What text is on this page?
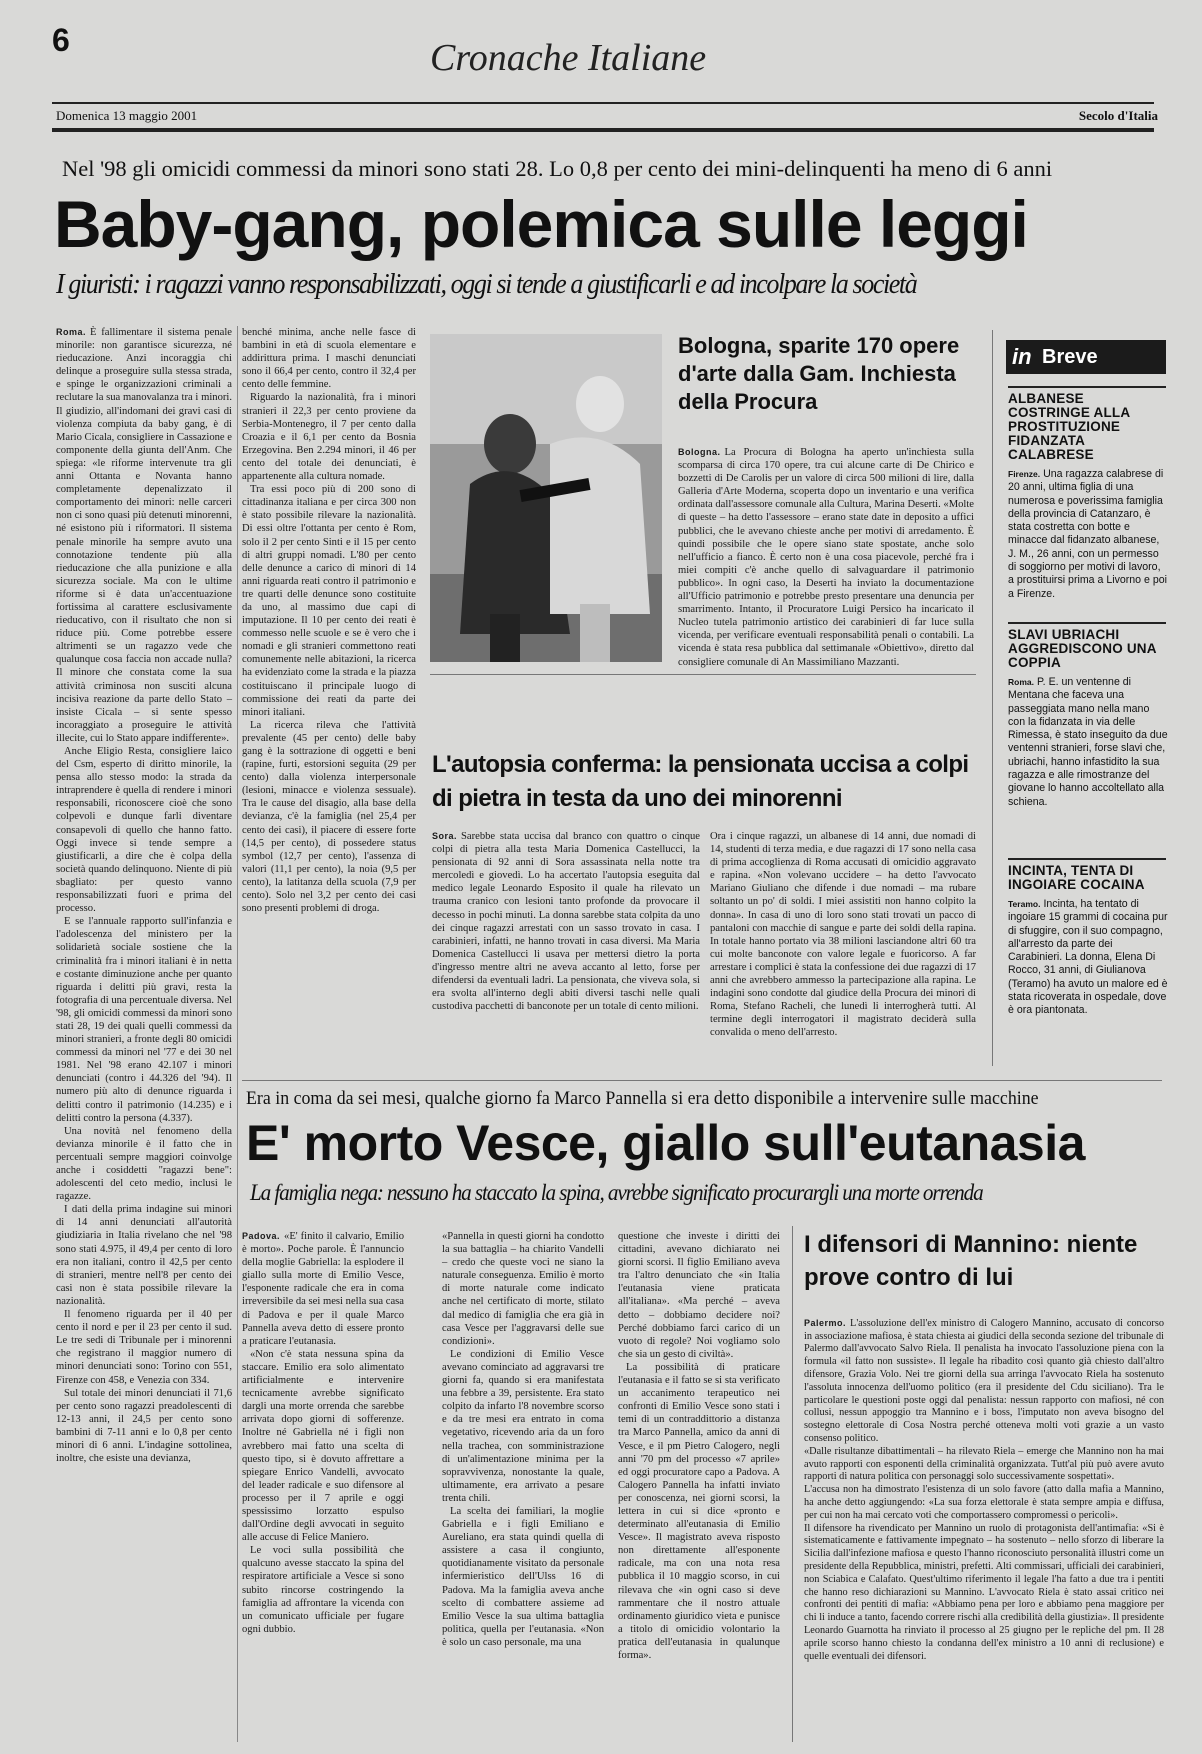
6	Cronache Italiane
Domenica 13 maggio 2001	Secolo d'Italia
Nel '98 gli omicidi commessi da minori sono stati 28. Lo 0,8 per cento dei mini-delinquenti ha meno di 6 anni
Baby-gang, polemica sulle leggi
I giuristi: i ragazzi vanno responsabilizzati, oggi si tende a giustificarli e ad incolpare la società

Roma. È fallimentare il sistema penale minorile: non garantisce sicurezza, né rieducazione. Anzi incoraggia chi delinque a proseguire sulla stessa strada, e spinge le organizzazioni criminali a reclutare la sua manovalanza tra i minori. Il giudizio, all'indomani dei gravi casi di violenza compiuta da baby gang, è di Mario Cicala, consigliere in Cassazione e componente della giunta dell'Anm. Che spiega: «le riforme intervenute tra gli anni Ottanta e Novanta hanno completamente depenalizzato il comportamento dei minori: nelle carceri non ci sono quasi più detenuti minorenni, né esistono più i riformatori. Il sistema penale minorile ha sempre avuto una connotazione tendente più alla rieducazione che alla punizione e alla sicurezza sociale. Ma con le ultime riforme si è data un'accentuazione fortissima al carattere esclusivamente rieducativo, con il risultato che non si riduce più. Come potrebbe essere altrimenti se un ragazzo vede che qualunque cosa faccia non accade nulla? Il minore che constata come la sua attività criminosa non susciti alcuna incisiva reazione da parte dello Stato – insiste Cicala – si sente spesso incoraggiato a proseguire le attività illecite, cui lo Stato appare indifferente».

Anche Eligio Resta, consigliere laico del Csm, esperto di diritto minorile, la pensa allo stesso modo: la strada da intraprendere è quella di rendere i minori responsabili, riconoscere cioè che sono colpevoli e dunque farli diventare consapevoli di quello che hanno fatto. Oggi invece si tende sempre a giustificarli, a dire che è colpa della società quando delinquono. Niente di più sbagliato: per questo vanno responsabilizzati fuori e prima del processo.

E se l'annuale rapporto sull'infanzia e l'adolescenza del ministero per la solidarietà sociale sostiene che la criminalità fra i minori italiani è in netta e costante diminuzione anche per quanto riguarda i delitti più gravi, resta la fotografia di una percentuale diversa. Nel '98, gli omicidi commessi da minori sono stati 28, 19 dei quali quelli commessi da minori stranieri, a fronte degli 80 omicidi commessi da minori nel '77 e dei 30 nel 1981. Nel '98 erano 42.107 i minori denunciati (contro i 44.326 del '94). Il numero più alto di denunce riguarda i delitti contro il patrimonio (14.235) e i delitti contro la persona (4.337).

Una novità nel fenomeno della devianza minorile è il fatto che in percentuali sempre maggiori coinvolge anche i cosiddetti "ragazzi bene": adolescenti del ceto medio, inclusi le ragazze.

I dati della prima indagine sui minori di 14 anni denunciati all'autorità giudiziaria in Italia rivelano che nel '98 sono stati 4.975, il 49,4 per cento di loro era non italiani, contro il 42,5 per cento di stranieri, mentre nell'8 per cento dei casi non è stata possibile rilevare la nazionalità.

Il fenomeno riguarda per il 40 per cento il nord e per il 23 per cento il sud. Le tre sedi di Tribunale per i minorenni che registrano il maggior numero di minori denunciati sono: Torino con 551, Firenze con 458, e Venezia con 334.

Sul totale dei minori denunciati il 71,6 per cento sono ragazzi preadolescenti di 12-13 anni, il 24,5 per cento sono bambini di 7-11 anni e lo 0,8 per cento minori di 6 anni. L'indagine sottolinea, inoltre, che esiste una devianza,

benché minima, anche nelle fasce di bambini in età di scuola elementare e addirittura prima. I maschi denunciati sono il 66,4 per cento, contro il 32,4 per cento delle femmine.

Riguardo la nazionalità, fra i minori stranieri il 22,3 per cento proviene da Serbia-Montenegro, il 7 per cento dalla Croazia e il 6,1 per cento da Bosnia Erzegovina. Ben 2.294 minori, il 46 per cento del totale dei denunciati, è appartenente alla cultura nomade.

Tra essi poco più di 200 sono di cittadinanza italiana e per circa 300 non è stato possibile rilevare la nazionalità. Di essi oltre l'ottanta per cento è Rom, solo il 2 per cento Sinti e il 15 per cento di altri gruppi nomadi. L'80 per cento delle denunce a carico di minori di 14 anni riguarda reati contro il patrimonio e tre quarti delle denunce sono costituite da uno, al massimo due capi di imputazione. Il 10 per cento dei reati è commesso nelle scuole e se è vero che i nomadi e gli stranieri commettono reati comunemente nelle abitazioni, la ricerca ha evidenziato come la strada e la piazza costituiscano il principale luogo di commissione dei reati da parte dei minori italiani.

La ricerca rileva che l'attività prevalente (45 per cento) delle baby gang è la sottrazione di oggetti e beni (rapine, furti, estorsioni seguita (29 per cento) dalla violenza interpersonale (lesioni, minacce e violenza sessuale). Tra le cause del disagio, alla base della devianza, c'è la famiglia (nel 25,4 per cento dei casi), il piacere di essere forte (14,5 per cento), di possedere status symbol (12,7 per cento), l'assenza di valori (11,1 per cento), la noia (9,5 per cento), la latitanza della scuola (7,9 per cento). Solo nel 3,2 per cento dei casi sono presenti problemi di droga.

Bologna, sparite 170 opere d'arte dalla Gam. Inchiesta della Procura

Bologna. La Procura di Bologna ha aperto un'inchiesta sulla scomparsa di circa 170 opere, tra cui alcune carte di De Chirico e bozzetti di De Carolis per un valore di circa 500 milioni di lire, dalla Galleria d'Arte Moderna, scoperta dopo un inventario e una verifica ordinata dall'assessore comunale alla Cultura, Marina Deserti. «Molte di queste – ha detto l'assessore – erano state date in deposito a uffici pubblici, che le avevano chieste anche per motivi di arredamento. È quindi possibile che le opere siano state spostate, anche solo nell'ufficio a fianco. È certo non è una cosa piacevole, perché fra i miei compiti c'è anche quello di salvaguardare il patrimonio pubblico». In ogni caso, la Deserti ha inviato la documentazione all'Ufficio patrimonio e potrebbe presto presentare una denuncia per smarrimento. Intanto, il Procuratore Luigi Persico ha incaricato il Nucleo tutela patrimonio artistico dei carabinieri di far luce sulla vicenda, per verificare eventuali responsabilità penali o contabili. La vicenda è stata resa pubblica dal settimanale «Obiettivo», diretto dal consigliere comunale di An Massimiliano Mazzanti.

L'autopsia conferma: la pensionata uccisa a colpi di pietra in testa da uno dei minorenni

Sora. Sarebbe stata uccisa dal branco con quattro o cinque colpi di pietra alla testa Maria Domenica Castellucci, la pensionata di 92 anni di Sora assassinata nella notte tra mercoledì e giovedì. Lo ha accertato l'autopsia eseguita dal medico legale Leonardo Esposito il quale ha rilevato un trauma cranico con lesioni tanto profonde da provocare il decesso in pochi minuti. La donna sarebbe stata colpita da uno dei cinque ragazzi arrestati con un sasso trovato in casa. I carabinieri, infatti, ne hanno trovati in casa diversi. Ma Maria Domenica Castellucci li usava per mettersi dietro la porta d'ingresso mentre altri ne aveva accanto al letto, forse per difendersi da eventuali ladri. La pensionata, che viveva sola, si era svolta all'interno degli abiti diversi taschi nelle quali custodiva pacchetti di banconote per un totale di cento milioni.

Ora i cinque ragazzi, un albanese di 14 anni, due nomadi di 14, studenti di terza media, e due ragazzi di 17 sono nella casa di prima accoglienza di Roma accusati di omicidio aggravato e rapina. «Non volevano uccidere – ha detto l'avvocato Mariano Giuliano che difende i due nomadi – ma rubare soltanto un po' di soldi. I miei assistiti non hanno colpito la donna». In casa di uno di loro sono stati trovati un pacco di pantaloni con macchie di sangue e parte dei soldi della rapina. In totale hanno portato via 38 milioni lasciandone altri 60 tra cui molte banconote con valore legale e fuoricorso. A far arrestare i complici è stata la confessione dei due ragazzi di 17 anni che avrebbero ammesso la partecipazione alla rapina. Le indagini sono condotte dal giudice della Procura dei minori di Roma, Stefano Racheli, che lunedì li interrogherà tutti. Al termine degli interrogatori il magistrato deciderà sulla convalida o meno dell'arresto.

in Breve
ALBANESE COSTRINGE ALLA PROSTITUZIONE FIDANZATA CALABRESE
Firenze. Una ragazza calabrese di 20 anni, ultima figlia di una numerosa e poverissima famiglia della provincia di Catanzaro, è stata costretta con botte e minacce dal fidanzato albanese, J. M., 26 anni, con un permesso di soggiorno per motivi di lavoro, a prostituirsi prima a Livorno e poi a Firenze.
SLAVI UBRIACHI AGGREDISCONO UNA COPPIA
Roma. P. E. un ventenne di Mentana che faceva una passeggiata mano nella mano con la fidanzata in via delle Rimessa, è stato inseguito da due ventenni stranieri, forse slavi che, ubriachi, hanno infastidito la sua ragazza e alle rimostranze del giovane lo hanno accoltellato alla schiena.
INCINTA, TENTA DI INGOIARE COCAINA
Teramo. Incinta, ha tentato di ingoiare 15 grammi di cocaina pur di sfuggire, con il suo compagno, all'arresto da parte dei Carabinieri. La donna, Elena Di Rocco, 31 anni, di Giulianova (Teramo) ha avuto un malore ed è stata ricoverata in ospedale, dove è ora piantonata.
Era in coma da sei mesi, qualche giorno fa Marco Pannella si era detto disponibile a intervenire sulle macchine
E' morto Vesce, giallo sull'eutanasia
La famiglia nega: nessuno ha staccato la spina, avrebbe significato procurargli una morte orrenda

Padova. «E' finito il calvario, Emilio è morto». Poche parole. È l'annuncio della moglie Gabriella: la esplodere il giallo sulla morte di Emilio Vesce, l'esponente radicale che era in coma irreversibile da sei mesi nella sua casa di Padova e per il quale Marco Pannella aveva detto di essere pronto a praticare l'eutanasia.

«Non c'è stata nessuna spina da staccare. Emilio era solo alimentato artificialmente e intervenire tecnicamente avrebbe significato dargli una morte orrenda che sarebbe arrivata dopo giorni di sofferenze. Inoltre né Gabriella né i figli non avrebbero mai fatto una scelta di questo tipo, si è dovuto affrettare a spiegare Enrico Vandelli, avvocato del leader radicale e suo difensore al processo per il 7 aprile e oggi spessissimo lorzatto espulso dall'Ordine degli avvocati in seguito alle accuse di Felice Maniero.

Le voci sulla possibilità che qualcuno avesse staccato la spina del respiratore artificiale a Vesce si sono subito rincorse costringendo la famiglia ad affrontare la vicenda con un comunicato ufficiale per fugare ogni dubbio.

«Pannella in questi giorni ha condotto la sua battaglia – ha chiarito Vandelli – credo che queste voci ne siano la naturale conseguenza. Emilio è morto di morte naturale come indicato anche nel certificato di morte, stilato dal medico di famiglia che era già in casa Vesce per l'aggravarsi delle sue condizioni».

Le condizioni di Emilio Vesce avevano cominciato ad aggravarsi tre giorni fa, quando si era manifestata una febbre a 39, persistente. Era stato colpito da infarto l'8 novembre scorso e da tre mesi era entrato in coma vegetativo, ricevendo aria da un foro nella trachea, con somministrazione di un'alimentazione minima per la sopravvivenza, nonostante la quale, ultimamente, era arrivato a pesare trenta chili.

La scelta dei familiari, la moglie Gabriella e i figli Emiliano e Aureliano, era stata quindi quella di assistere a casa il congiunto, quotidianamente visitato da personale infermieristico dell'Ulss 16 di Padova. Ma la famiglia aveva anche scelto di combattere assieme ad Emilio Vesce la sua ultima battaglia politica, quella per l'eutanasia. «Non è solo un caso personale, ma una

questione che investe i diritti dei cittadini, avevano dichiarato nei giorni scorsi. Il figlio Emiliano aveva tra l'altro denunciato che «in Italia l'eutanasia viene praticata all'italiana». «Ma perché – aveva detto – dobbiamo decidere noi? Perché dobbiamo farci carico di un vuoto di regole? Noi vogliamo solo che sia un gesto di civiltà».

La possibilità di praticare l'eutanasia e il fatto se si sta verificato un accanimento terapeutico nei confronti di Emilio Vesce sono stati i temi di un contraddittorio a distanza tra Marco Pannella, amico da anni di Vesce, e il pm Pietro Calogero, negli anni '70 pm del processo «7 aprile» ed oggi procuratore capo a Padova. A Calogero Pannella ha infatti inviato per conoscenza, nei giorni scorsi, la lettera in cui si dice «pronto e determinato all'eutanasia di Emilio Vesce». Il magistrato aveva risposto non direttamente all'esponente radicale, ma con una nota resa pubblica il 10 maggio scorso, in cui rilevava che «in ogni caso si deve rammentare che il nostro attuale ordinamento giuridico vieta e punisce a titolo di omicidio volontario la pratica dell'eutanasia in qualunque forma».

I difensori di Mannino: niente prove contro di lui

Palermo. L'assoluzione dell'ex ministro di Calogero Mannino, accusato di concorso in associazione mafiosa, è stata chiesta ai giudici della seconda sezione del tribunale di Palermo dall'avvocato Salvo Riela. Il penalista ha invocato l'assoluzione piena con la formula «il fatto non sussiste». Il legale ha ribadito così quanto già chiesto dall'altro difensore, Grazia Volo. Nei tre giorni della sua arringa l'avvocato Riela ha sostenuto l'assoluta innocenza dell'uomo politico (era il presidente del Cdu siciliano). Tra le particolare le questioni poste oggi dal penalista: nessun rapporto con mafiosi, né con collusi, nessun appoggio tra Mannino e i boss, l'imputato non aveva bisogno del sostegno elettorale di Cosa Nostra perché otteneva molti voti grazie a un vasto consenso politico.
«Dalle risultanze dibattimentali – ha rilevato Riela – emerge che Mannino non ha mai avuto rapporti con esponenti della criminalità organizzata. Tutt'al più può avere avuto rapporti di natura politica con personaggi solo successivamente sospettati».
L'accusa non ha dimostrato l'esistenza di un solo favore (atto dalla mafia a Mannino, ha anche detto aggiungendo: «La sua forza elettorale è stata sempre ampia e diffusa, per cui non ha mai cercato voti che comportassero compromessi o pericoli».
Il difensore ha rivendicato per Mannino un ruolo di protagonista dell'antimafia: «Si è sistematicamente e fattivamente impegnato – ha sostenuto – nello sforzo di liberare la Sicilia dall'infezione mafiosa e questo l'hanno riconosciuto personalità illustri come un presidente della Repubblica, ministri, prefetti. Alti commissari, ufficiali dei carabinieri, non Sciabica e Calafato. Quest'ultimo riferimento il legale l'ha fatto a due tra i pentiti che hanno reso dichiarazioni su Mannino. L'avvocato Riela è stato assai critico nei confronti dei pentiti di mafia: «Abbiamo pena per loro e abbiamo pena maggiore per chi li induce a tanto, facendo correre rischi alla credibilità della giustizia». Il presidente Leonardo Guarnotta ha rinviato il processo al 25 giugno per le repliche del pm. Il 28 aprile scorso hanno chiesto la condanna dell'ex ministro a 10 anni di reclusione) e quelle eventuali dei difensori.
